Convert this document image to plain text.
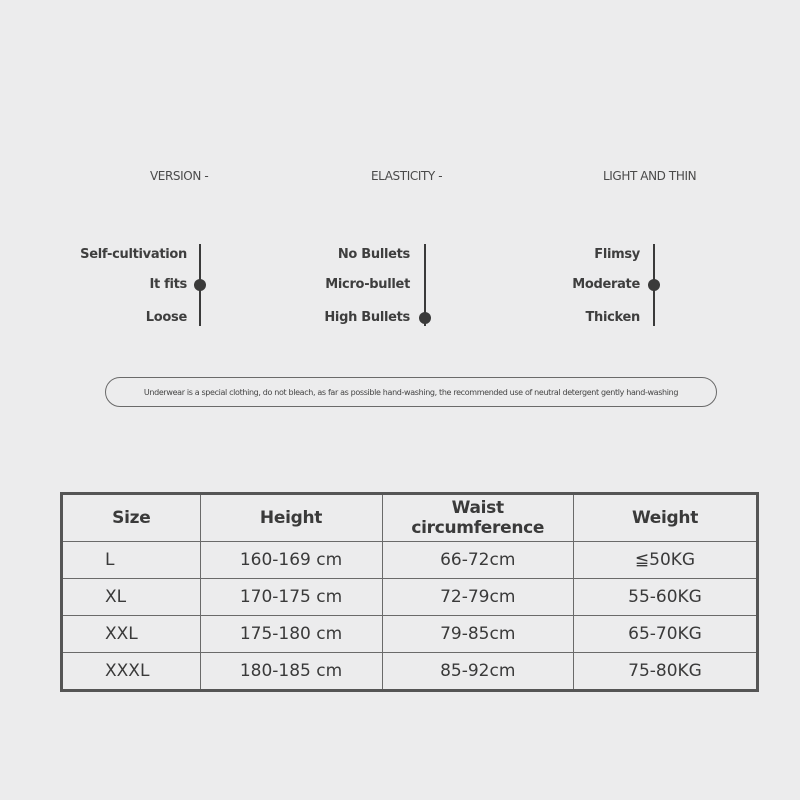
VERSION -	ELASTICITY -	LIGHT AND THIN
Self-cultivation
It fits
Loose
No Bullets
Micro-bullet
High Bullets
Flimsy
Moderate
Thicken
Underwear is a special clothing, do not bleach, as far as possible hand-washing, the recommended use of neutral detergent gently hand-washing
Size	Height	Waist circumference	Weight
L	160-169 cm	66-72cm	≦50KG
XL	170-175 cm	72-79cm	55-60KG
XXL	175-180 cm	79-85cm	65-70KG
XXXL	180-185 cm	85-92cm	75-80KG
